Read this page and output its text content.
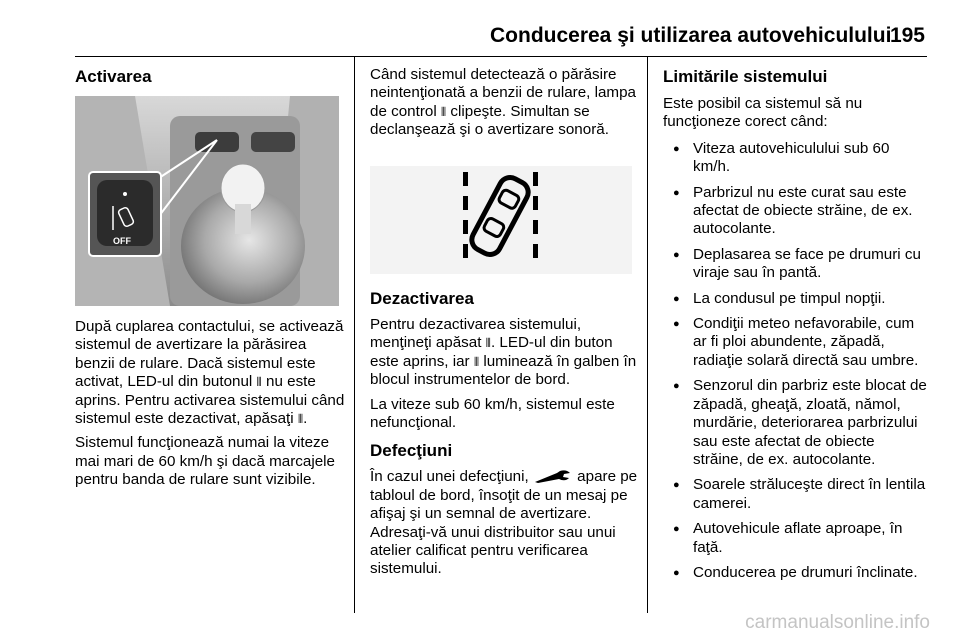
Conducerea şi utilizarea autovehiculului
195
Activarea
OFF

După cuplarea contactului, se activează sistemul de avertizare la părăsirea benzii de rulare. Dacă sistemul este activat, LED-ul din butonul ⦀ nu este aprins. Pentru activarea sistemului când sistemul este dezactivat, apăsaţi ⦀.

Sistemul funcţionează numai la viteze mai mari de 60 km/h şi dacă marcajele pentru banda de rulare sunt vizibile.

Când sistemul detectează o părăsire neintenţionată a benzii de rulare, lampa de control ⦀ clipeşte. Simultan se declanşează şi o avertizare sonoră.

Dezactivarea

Pentru dezactivarea sistemului, menţineţi apăsat ⦀. LED-ul din buton este aprins, iar ⦀ luminează în galben în blocul instrumentelor de bord.

La viteze sub 60 km/h, sistemul este nefuncţional.

Defecţiuni

În cazul unei defecţiuni,	apare pe tabloul de bord, însoţit de un mesaj pe afişaj şi un semnal de avertizare. Adresaţi-vă unui distribuitor sau unui atelier calificat pentru verificarea sistemului.

Limitările sistemului

Este posibil ca sistemul să nu funcţioneze corect când:

● Viteza autovehiculului sub 60 km/h.
● Parbrizul nu este curat sau este afectat de obiecte străine, de ex. autocolante.
● Deplasarea se face pe drumuri cu viraje sau în pantă.
● La condusul pe timpul nopţii.
● Condiţii meteo nefavorabile, cum ar fi ploi abundente, zăpadă, radiaţie solară directă sau umbre.
● Senzorul din parbriz este blocat de zăpadă, gheaţă, zloată, nămol, murdărie, deteriorarea parbrizului sau este afectat de obiecte străine, de ex. autocolante.
● Soarele străluceşte direct în lentila camerei.
● Autovehicule aflate aproape, în faţă.
● Conducerea pe drumuri înclinate.
carmanualsonline.info
